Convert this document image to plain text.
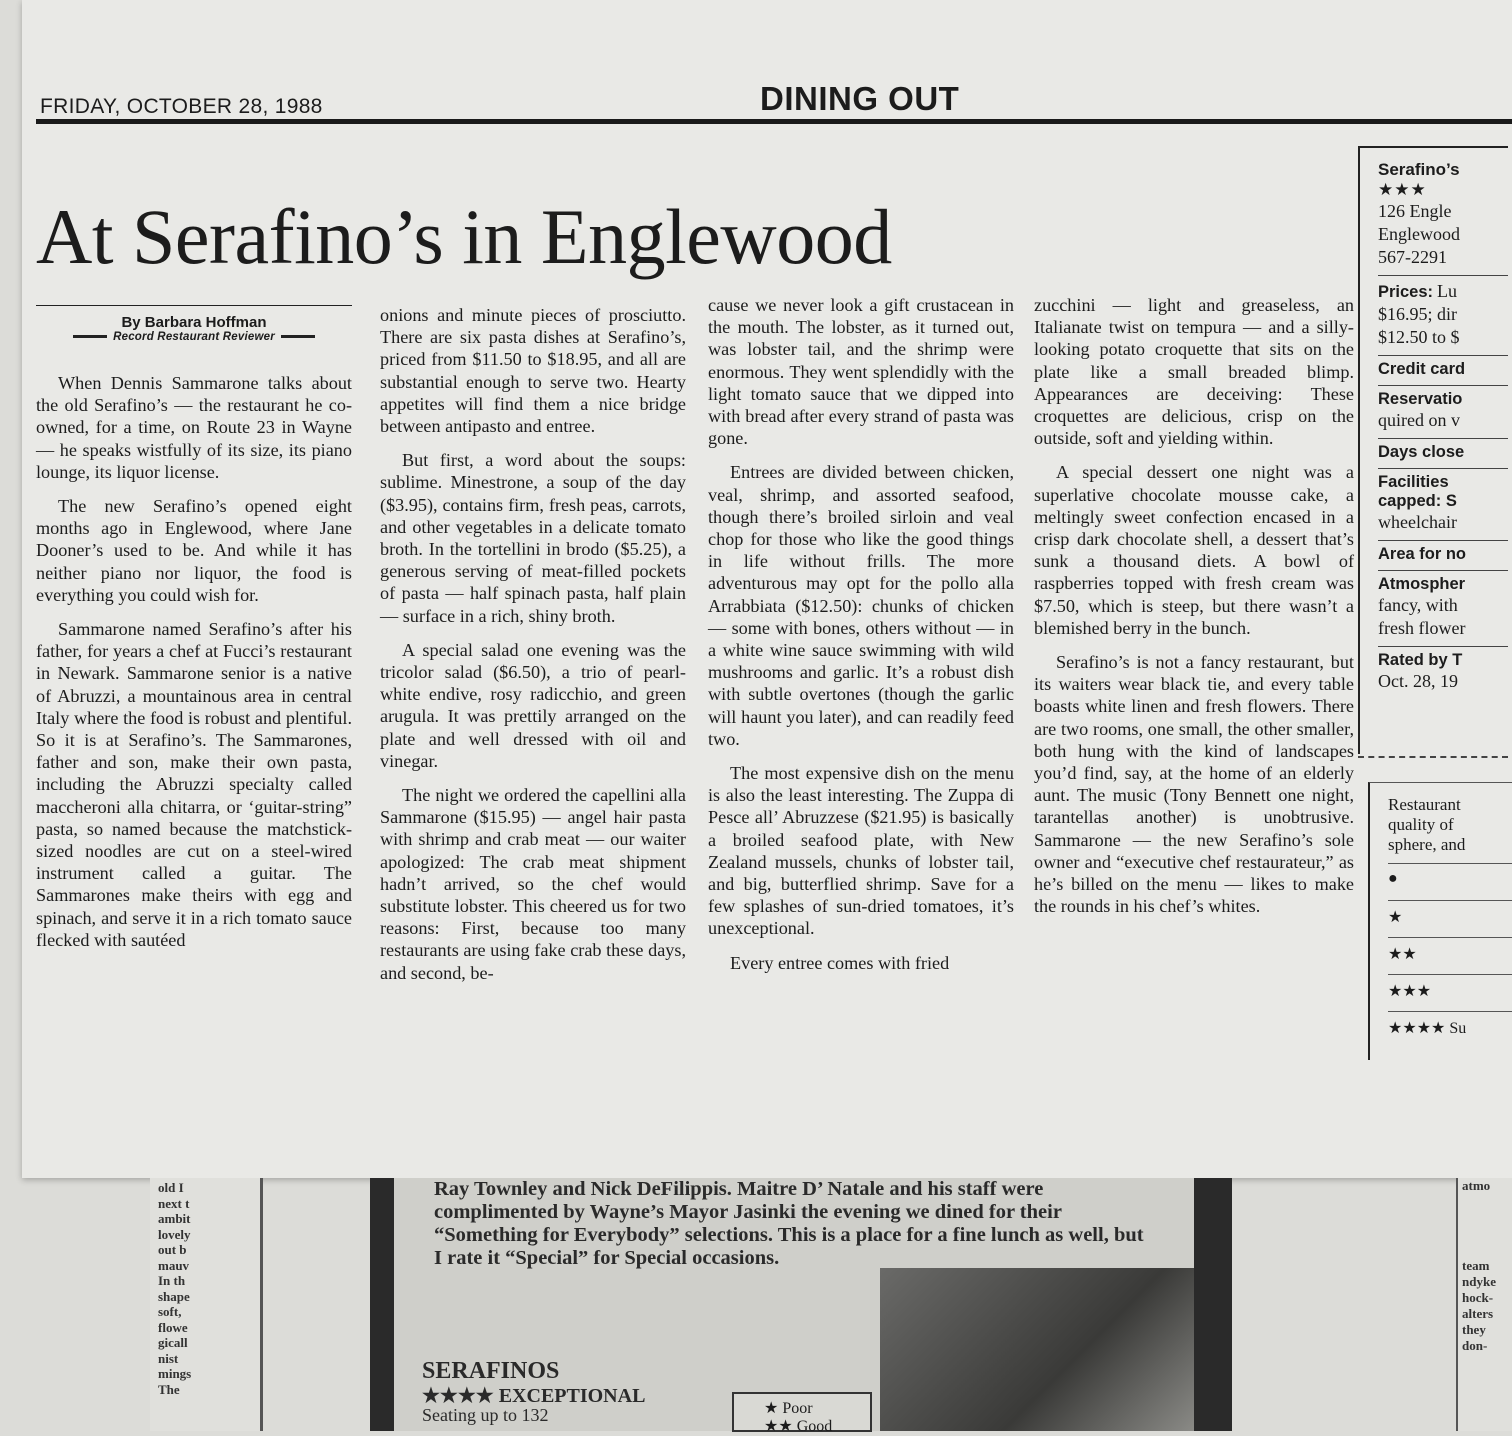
FRIDAY, OCTOBER 28, 1988	DINING OUT
At Serafino’s in Englewood
By Barbara Hoffman
Record Restaurant Reviewer

When Dennis Sammarone talks about the old Serafino’s — the restaurant he co-owned, for a time, on Route 23 in Wayne — he speaks wistfully of its size, its piano lounge, its liquor license.

The new Serafino’s opened eight months ago in Englewood, where Jane Dooner’s used to be. And while it has neither piano nor liquor, the food is everything you could wish for.

Sammarone named Serafino’s after his father, for years a chef at Fucci’s restaurant in Newark. Sammarone senior is a native of Abruzzi, a mountainous area in central Italy where the food is robust and plentiful. So it is at Serafino’s. The Sammarones, father and son, make their own pasta, including the Abruzzi specialty called maccheroni alla chitarra, or ‘guitar-string” pasta, so named because the matchstick-sized noodles are cut on a steel-wired instrument called a guitar. The Sammarones make theirs with egg and spinach, and serve it in a rich tomato sauce flecked with sautéed

onions and minute pieces of prosciutto. There are six pasta dishes at Serafino’s, priced from $11.50 to $18.95, and all are substantial enough to serve two. Hearty appetites will find them a nice bridge between antipasto and entree.

But first, a word about the soups: sublime. Minestrone, a soup of the day ($3.95), contains firm, fresh peas, carrots, and other vegetables in a delicate tomato broth. In the tortellini in brodo ($5.25), a generous serving of meat-filled pockets of pasta — half spinach pasta, half plain — surface in a rich, shiny broth.

A special salad one evening was the tricolor salad ($6.50), a trio of pearl-white endive, rosy radicchio, and green arugula. It was prettily arranged on the plate and well dressed with oil and vinegar.

The night we ordered the capellini alla Sammarone ($15.95) — angel hair pasta with shrimp and crab meat — our waiter apologized: The crab meat shipment hadn’t arrived, so the chef would substitute lobster. This cheered us for two reasons: First, because too many restaurants are using fake crab these days, and second, be-

cause we never look a gift crustacean in the mouth. The lobster, as it turned out, was lobster tail, and the shrimp were enormous. They went splendidly with the light tomato sauce that we dipped into with bread after every strand of pasta was gone.

Entrees are divided between chicken, veal, shrimp, and assorted seafood, though there’s broiled sirloin and veal chop for those who like the good things in life without frills. The more adventurous may opt for the pollo alla Arrabbiata ($12.50): chunks of chicken — some with bones, others without — in a white wine sauce swimming with wild mushrooms and garlic. It’s a robust dish with subtle overtones (though the garlic will haunt you later), and can readily feed two.

The most expensive dish on the menu is also the least interesting. The Zuppa di Pesce all’ Abruzzese ($21.95) is basically a broiled seafood plate, with New Zealand mussels, chunks of lobster tail, and big, butterflied shrimp. Save for a few splashes of sun-dried tomatoes, it’s unexceptional.

Every entree comes with fried

zucchini — light and greaseless, an Italianate twist on tempura — and a silly-looking potato croquette that sits on the plate like a small breaded blimp. Appearances are deceiving: These croquettes are delicious, crisp on the outside, soft and yielding within.

A special dessert one night was a superlative chocolate mousse cake, a meltingly sweet confection encased in a crisp dark chocolate shell, a dessert that’s sunk a thousand diets. A bowl of raspberries topped with fresh cream was $7.50, which is steep, but there wasn’t a blemished berry in the bunch.

Serafino’s is not a fancy restaurant, but its waiters wear black tie, and every table boasts white linen and fresh flowers. There are two rooms, one small, the other smaller, both hung with the kind of landscapes you’d find, say, at the home of an elderly aunt. The music (Tony Bennett one night, tarantellas another) is unobtrusive. Sammarone — the new Serafino’s sole owner and “executive chef restaurateur,” as he’s billed on the menu — likes to make the rounds in his chef’s whites.

Serafino’s
★★★
126 Engle
Englewood
567-2291
Prices: Lu
$16.95; dir
$12.50 to $
Credit card
Reservatio
quired on v
Days close
Facilities
capped: S
wheelchair
Area for no
Atmospher
fancy, with
fresh flower
Rated by T
Oct. 28, 19
Restaurant
quality of
sphere, and
●
★
★★
★★★
★★★★ Su
old I
next t
ambit
lovely
out b
mauv
In th
shape
soft,
flowe
gicall
nist
mings
The
Ray Townley and Nick DeFilippis. Maitre D’ Natale and his staff were complimented by Wayne’s Mayor Jasinki the evening we dined for their “Something for Everybody” selections. This is a place for a fine lunch as well, but I rate it “Special” for Special occasions.
SERAFINOS
★★★★ EXCEPTIONAL
Seating up to 132	★ Poor
★★ Good
atmo

team
ndyke
hock-
alters
they
don-
